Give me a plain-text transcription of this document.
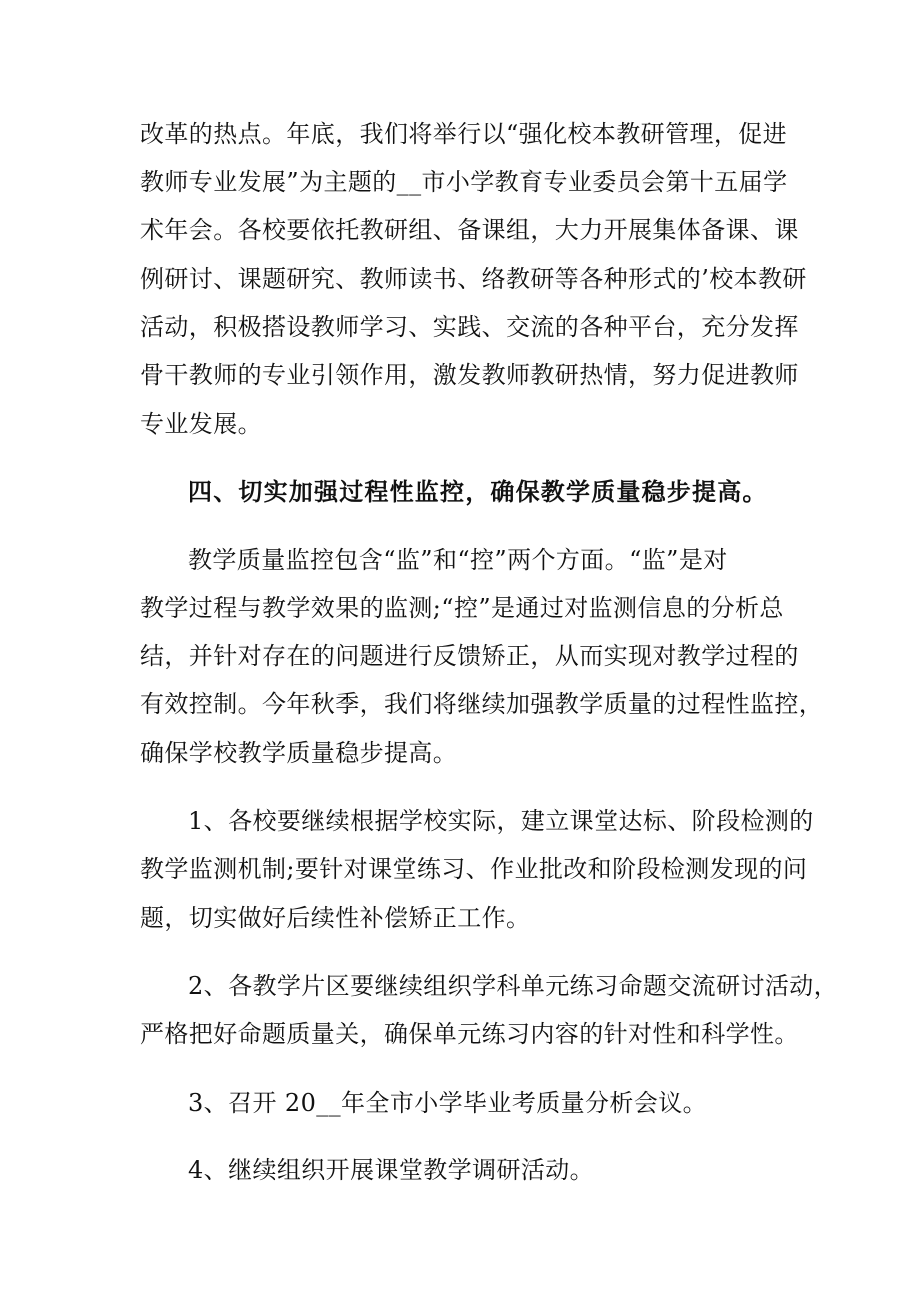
改革的热点。年底，我们将举行以“强化校本教研管理，促进
教师专业发展”为主题的__市小学教育专业委员会第十五届学
术年会。各校要依托教研组、备课组，大力开展集体备课、课
例研讨、课题研究、教师读书、络教研等各种形式的’校本教研
活动，积极搭设教师学习、实践、交流的各种平台，充分发挥
骨干教师的专业引领作用，激发教师教研热情，努力促进教师
专业发展。
四、切实加强过程性监控，确保教学质量稳步提高。
教学质量监控包含“监”和“控”两个方面。“监”是对
教学过程与教学效果的监测;“控”是通过对监测信息的分析总
结，并针对存在的问题进行反馈矫正，从而实现对教学过程的
有效控制。今年秋季，我们将继续加强教学质量的过程性监控，
确保学校教学质量稳步提高。
1、各校要继续根据学校实际，建立课堂达标、阶段检测的
教学监测机制;要针对课堂练习、作业批改和阶段检测发现的问
题，切实做好后续性补偿矫正工作。
2、各教学片区要继续组织学科单元练习命题交流研讨活动，
严格把好命题质量关，确保单元练习内容的针对性和科学性。
3、召开 20__年全市小学毕业考质量分析会议。
4、继续组织开展课堂教学调研活动。
